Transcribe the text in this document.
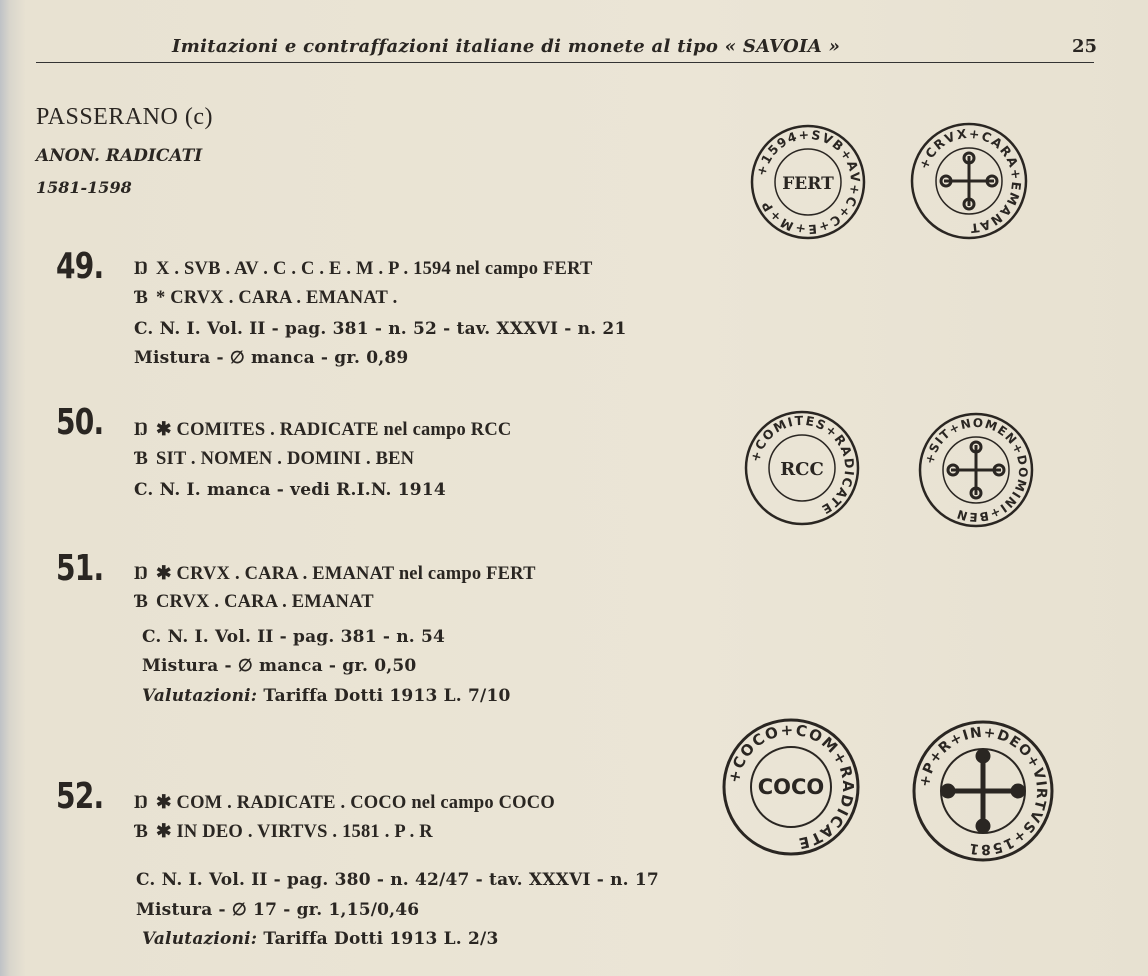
Imitazioni e contraffazioni italiane di monete al tipo « SAVOIA »	25
PASSERANO (c)
ANON. RADICATI
1581-1598
49. Ŋ X . SVB . AV . C . C . E . M . P . 1594 nel campo FERT
Ɓ * CRVX . CARA . EMANAT .
C. N. I. Vol. II - pag. 381 - n. 52 - tav. XXXVI - n. 21
Mistura - ∅ manca - gr. 0,89
50. Ŋ ✱ COMITES . RADICATE nel campo RCC
Ɓ SIT . NOMEN . DOMINI . BEN
C. N. I. manca - vedi R.I.N. 1914
51. Ŋ ✱ CRVX . CARA . EMANAT nel campo FERT
Ɓ CRVX . CARA . EMANAT
C. N. I. Vol. II - pag. 381 - n. 54
Mistura - ∅ manca - gr. 0,50
Valutazioni: Tariffa Dotti 1913 L. 7/10
52. Ŋ ✱ COM . RADICATE . COCO nel campo COCO
Ɓ ✱ IN DEO . VIRTVS . 1581 . P . R
C. N. I. Vol. II - pag. 380 - n. 42/47 - tav. XXXVI - n. 17
Mistura - ∅ 17 - gr. 1,15/0,46
Valutazioni: Tariffa Dotti 1913 L. 2/3
+1594+SVB+AV+C+C+E+M+P
FERT
+CRVX+CARA+EMANAT
+COMITES+RADICATE
RCC
+SIT+NOMEN+DOMINI+BEN
+COCO+COM+RADICATE
COCO	+P+R+IN+DEO+VIRTVS+1581
